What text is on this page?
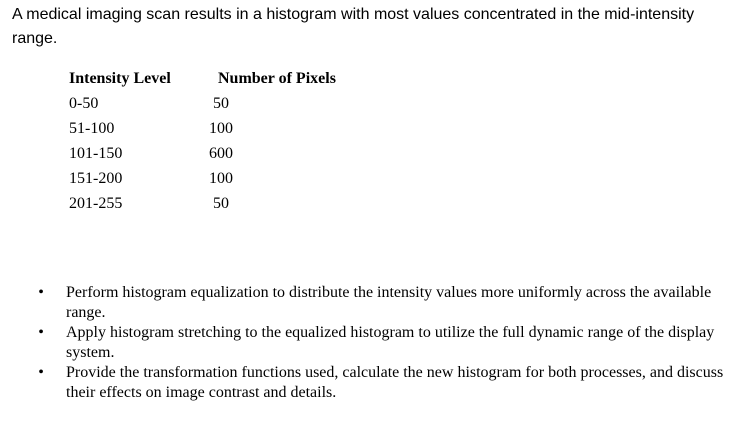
A medical imaging scan results in a histogram with most values concentrated in the mid-intensity range.

Intensity Level	Number of Pixels
0-50	50
51-100	100
101-150	600
151-200	100
201-255	50
• Perform histogram equalization to distribute the intensity values more uniformly across the available range.
• Apply histogram stretching to the equalized histogram to utilize the full dynamic range of the display system.
• Provide the transformation functions used, calculate the new histogram for both processes, and discuss their effects on image contrast and details.
